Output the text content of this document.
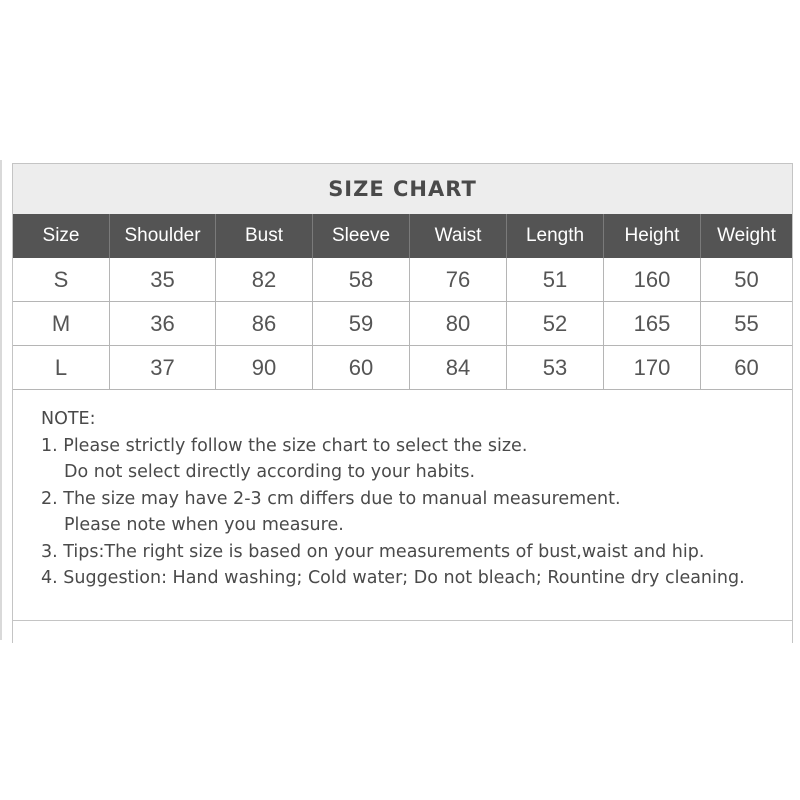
SIZE CHART
Size	Shoulder	Bust	Sleeve	Waist	Length	Height	Weight
S	35	82	58	76	51	160	50
M	36	86	59	80	52	165	55
L	37	90	60	84	53	170	60
NOTE:
1. Please strictly follow the size chart to select the size.
Do not select directly according to your habits.
2. The size may have 2-3 cm differs due to manual measurement.
Please note when you measure.
3. Tips:The right size is based on your measurements of bust,waist and hip.
4. Suggestion: Hand washing; Cold water; Do not bleach; Rountine dry cleaning.
